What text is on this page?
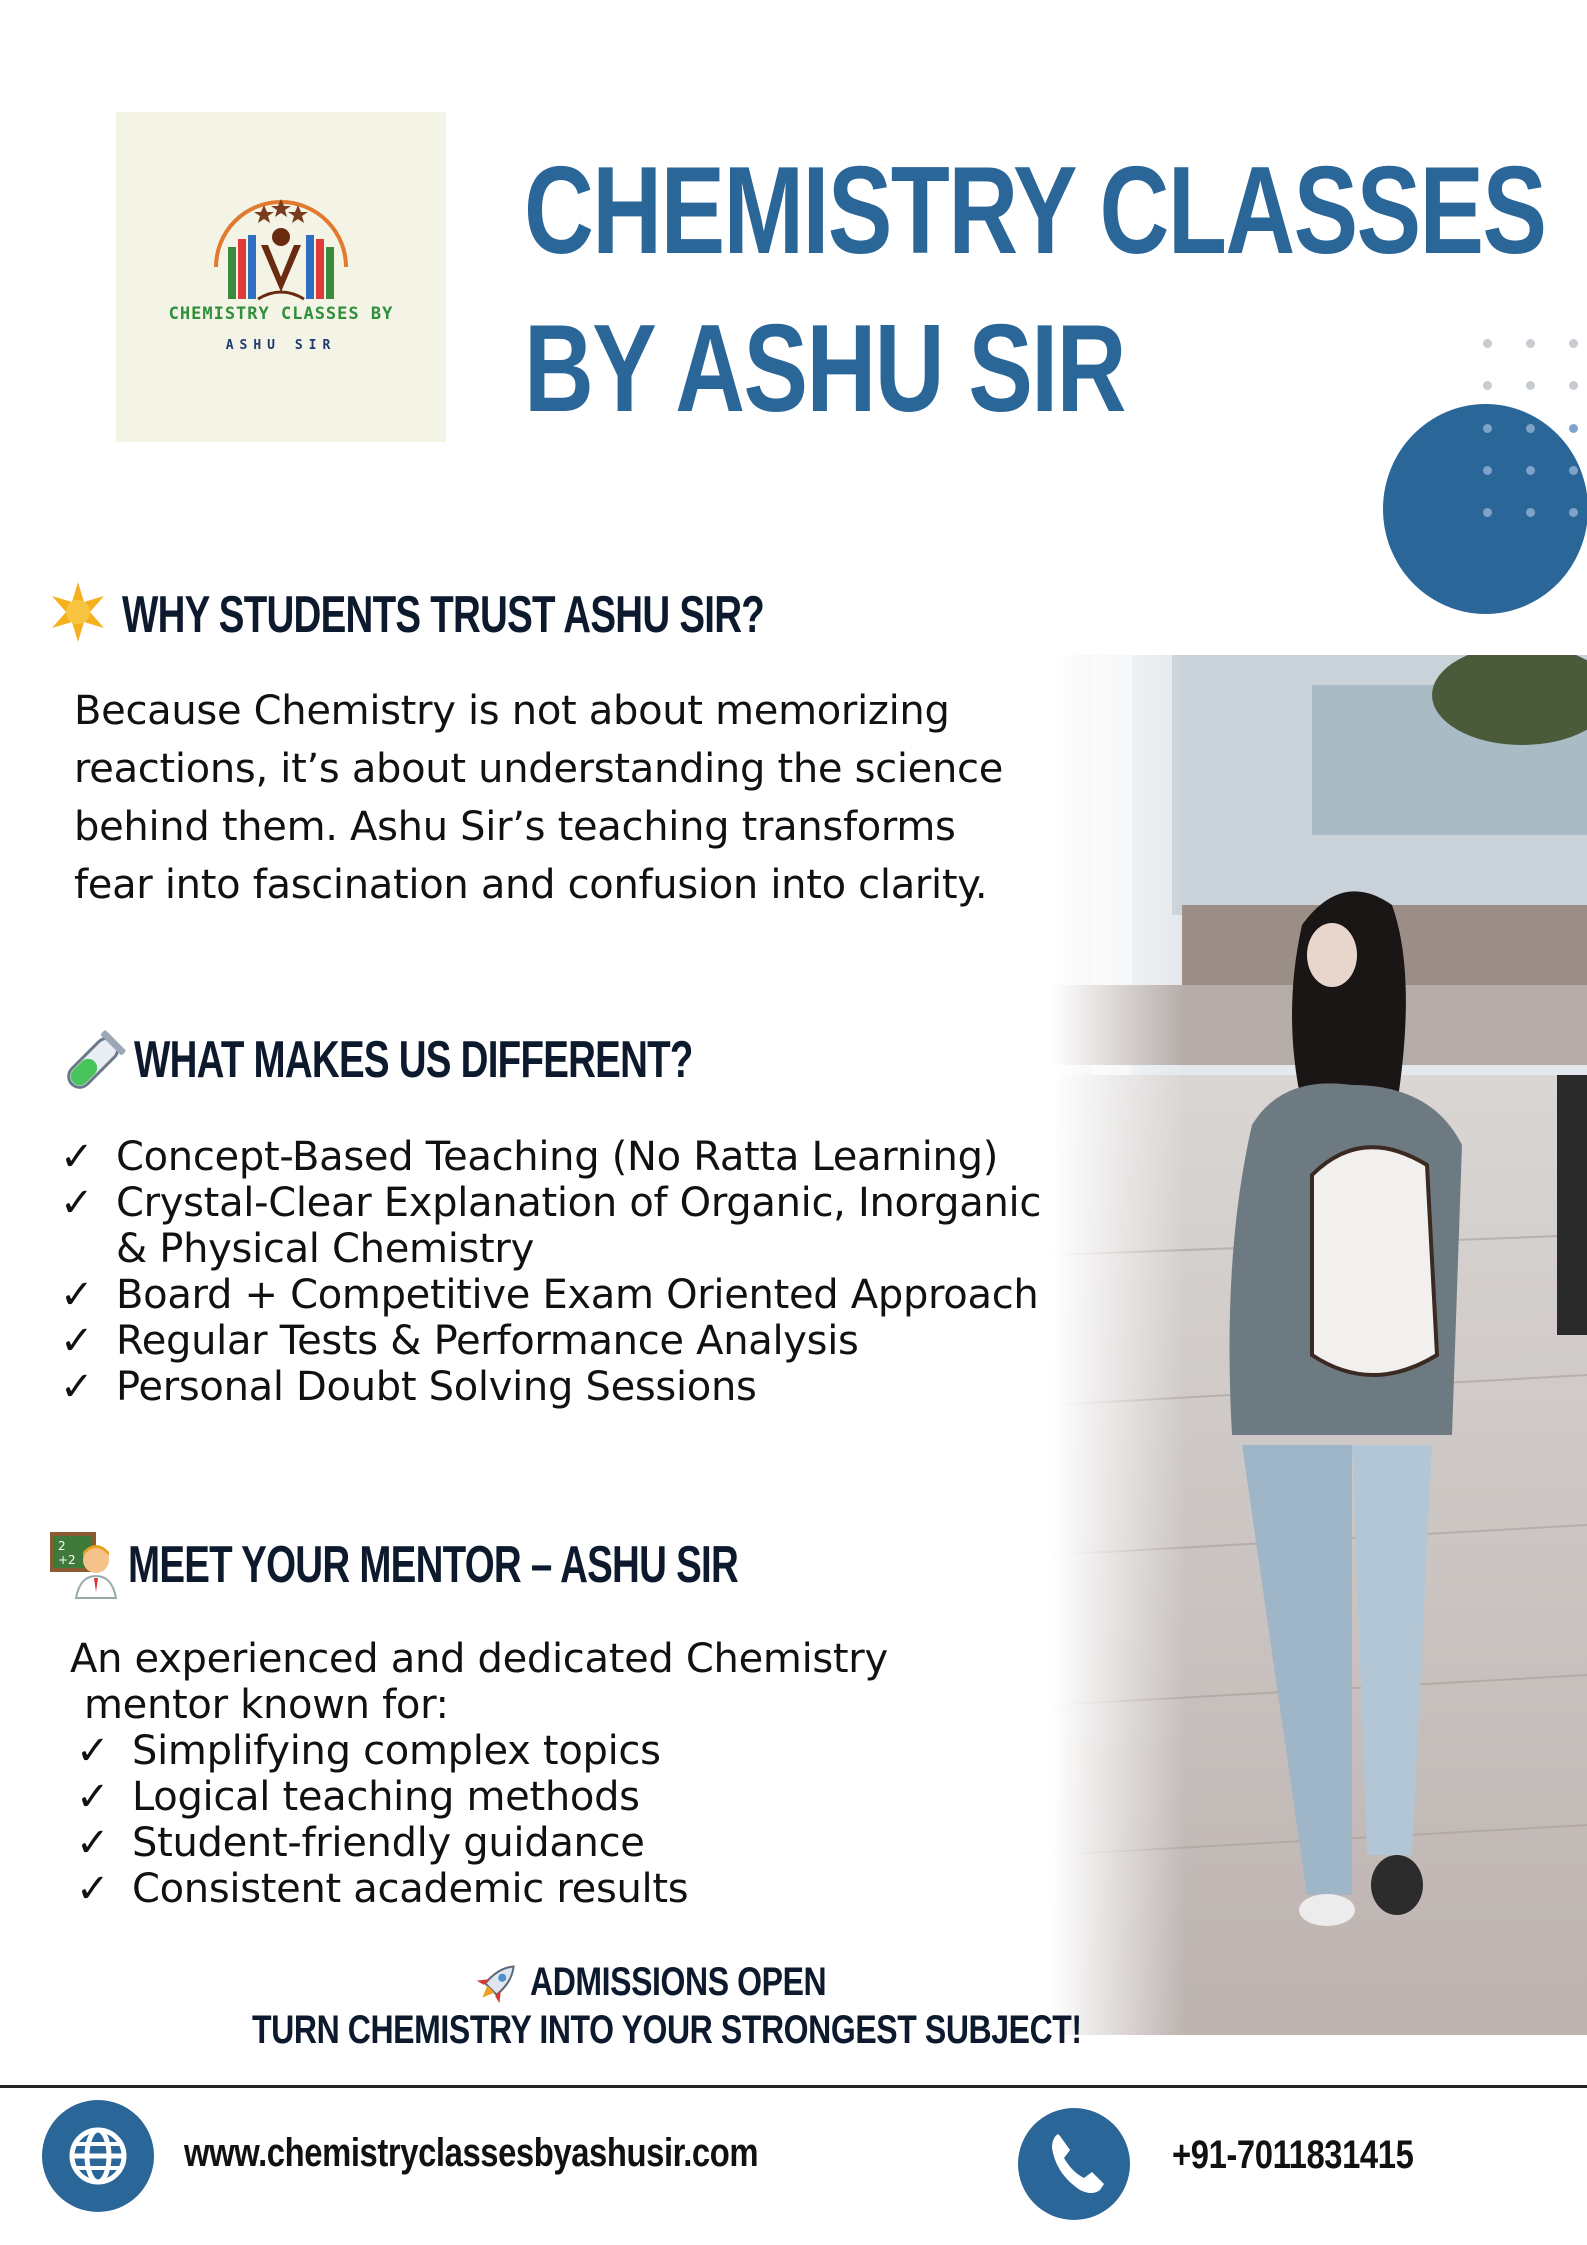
CHEMISTRY CLASSES BY
ASHU SIR
CHEMISTRY CLASSES
BY ASHU SIR
WHY STUDENTS TRUST ASHU SIR?
Because Chemistry is not about memorizing
reactions, it’s about understanding the science
behind them. Ashu Sir’s teaching transforms
fear into fascination and confusion into clarity.
WHAT MAKES US DIFFERENT?
✓ Concept-Based Teaching (No Ratta Learning)
✓ Crystal-Clear Explanation of Organic, Inorganic
& Physical Chemistry
✓ Board + Competitive Exam Oriented Approach
✓ Regular Tests & Performance Analysis
✓ Personal Doubt Solving Sessions
2
+2 MEET YOUR MENTOR – ASHU SIR
An experienced and dedicated Chemistry
mentor known for:
✓ Simplifying complex topics
✓ Logical teaching methods
✓ Student-friendly guidance
✓ Consistent academic results
ADMISSIONS OPEN
TURN CHEMISTRY INTO YOUR STRONGEST SUBJECT!
www.chemistryclassesbyashusir.com	+91-7011831415
